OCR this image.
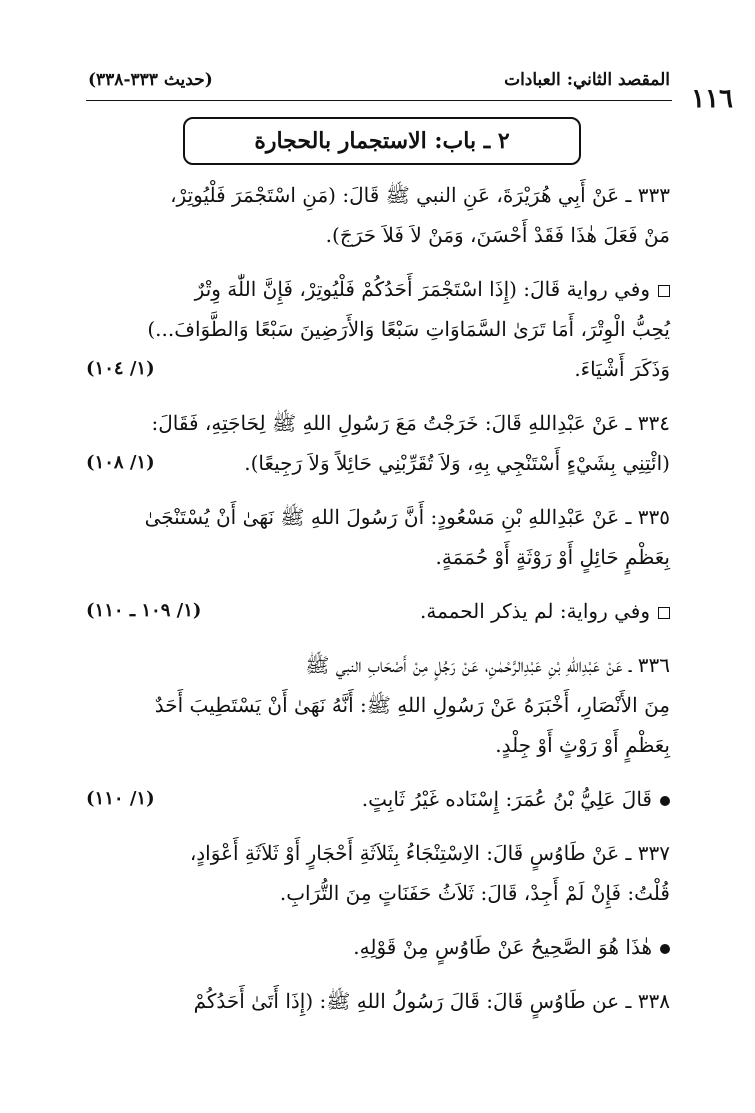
المقصد الثاني: العبادات
(حديث ٣٣٣-٣٣٨)
١١٦
٢ ـ باب: الاستجمار بالحجارة
٣٣٣ ـ عَنْ أَبِي هُرَيْرَةَ، عَنِ النبي ﷺ قَالَ: (مَنِ اسْتَجْمَرَ فَلْيُوتِرْ،
مَنْ فَعَلَ هٰذَا فَقَدْ أَحْسَنَ، وَمَنْ لاَ فَلاَ حَرَجَ).
وفي رواية قَالَ: (إِذَا اسْتَجْمَرَ أَحَدُكُمْ فَلْيُوتِرْ، فَإِنَّ اللّٰهَ وِتْرٌ
يُحِبُّ الْوِتْرَ، أَمَا تَرَىٰ السَّمَاوَاتِ سَبْعًا وَالأَرَضِينَ سَبْعًا وَالطَّوَافَ...)
وَذَكَرَ أَشْيَاءَ.
(١/ ١٠٤)
٣٣٤ ـ عَنْ عَبْدِاللهِ قَالَ: خَرَجْتُ مَعَ رَسُولِ اللهِ ﷺ لِحَاجَتِهِ، فَقَالَ:
(ائْتِنِي بِشَيْءٍ أَسْتَنْجِي بِهِ، وَلاَ تُقَرِّبْنِي حَائِلاً وَلاَ رَجِيعًا).
(١/ ١٠٨)
٣٣٥ ـ عَنْ عَبْدِاللهِ بْنِ مَسْعُودٍ: أَنَّ رَسُولَ اللهِ ﷺ نَهَىٰ أَنْ يُسْتَنْجَىٰ
بِعَظْمٍ حَائِلٍ أَوْ رَوْثَةٍ أَوْ حُمَمَةٍ.
وفي رواية: لم يذكر الحممة.
(١/ ١٠٩ ـ ١١٠)
٣٣٦ ـ عَنْ عَبْدِاللهِ بْنِ عَبْدِالرَّحْمٰنِ، عَنْ رَجُلٍ مِنْ أَصْحَابِ النبي ﷺ
مِنَ الأَنْصَارِ، أَخْبَرَهُ عَنْ رَسُولِ اللهِ ﷺ: أَنَّهُ نَهَىٰ أَنْ يَسْتَطِيبَ أَحَدٌ
بِعَظْمٍ أَوْ رَوْثٍ أَوْ جِلْدٍ.
قَالَ عَلِيُّ بْنُ عُمَرَ: إِسْنَاده غَيْرُ ثَابِتٍ.
(١/ ١١٠)
٣٣٧ ـ عَنْ طَاوُسٍ قَالَ: الاِسْتِنْجَاءُ بِثَلاَثَةِ أَحْجَارٍ أَوْ ثَلاَثَةِ أَعْوَادٍ،
قُلْتُ: فَإِنْ لَمْ أَجِدْ، قَالَ: ثَلاَثُ حَفَنَاتٍ مِنَ التُّرَابِ.
هٰذَا هُوَ الصَّحِيحُ عَنْ طَاوُسٍ مِنْ قَوْلِهِ.
٣٣٨ ـ عن طَاوُسٍ قَالَ: قَالَ رَسُولُ اللهِ ﷺ: (إِذَا أَتَىٰ أَحَدُكُمْ
